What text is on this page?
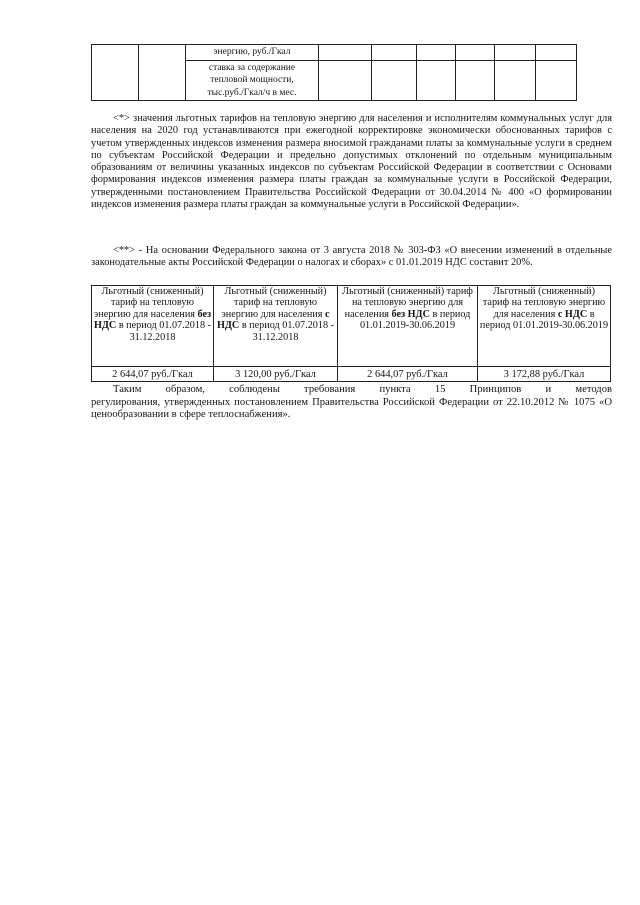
		энергию, руб./Гкал						

		ставка за содержание
тепловой мощности,
тыс.руб./Гкал/ч в мес.						

<*> значения льготных тарифов на тепловую энергию для населения и исполнителям коммунальных услуг для населения на 2020 год устанавливаются при ежегодной корректировке экономически обоснованных тарифов с учетом утвержденных индексов изменения размера вносимой гражданами платы за коммунальные услуги в среднем по субъектам Российской Федерации и предельно допустимых отклонений по отдельным муниципальным образованиям от величины указанных индексов по субъектам Российской Федерации в соответствии с Основами формирования индексов изменения размера платы граждан за коммунальные услуги в Российской Федерации, утвержденными постановлением Правительства Российской Федерации от 30.04.2014 № 400 «О формировании индексов изменения размера платы граждан за коммунальные услуги в Российской Федерации».
<**> - На основании Федерального закона от 3 августа 2018 № 303-ФЗ «О внесении изменений в отдельные законодательные акты Российской Федерации о налогах и сборах» с 01.01.2019 НДС составит 20%.
Льготный (сниженный) тариф на тепловую энергию для населения без НДС в период 01.07.2018 - 31.12.2018	Льготный (сниженный) тариф на тепловую энергию для населения с НДС в период 01.07.2018 - 31.12.2018	Льготный (сниженный) тариф на тепловую энергию для населения без НДС в период 01.01.2019-30.06.2019	Льготный (сниженный) тариф на тепловую энергию для населения с НДС в период 01.01.2019-30.06.2019
2 644,07 руб./Гкал	3 120,00 руб./Гкал	2 644,07 руб./Гкал	3 172,88 руб./Гкал
Таким образом, соблюдены требования пункта 15 Принципов и методов
регулирования, утвержденных постановлением Правительства Российской Федерации от 22.10.2012 № 1075 «О ценообразовании в сфере теплоснабжения».
